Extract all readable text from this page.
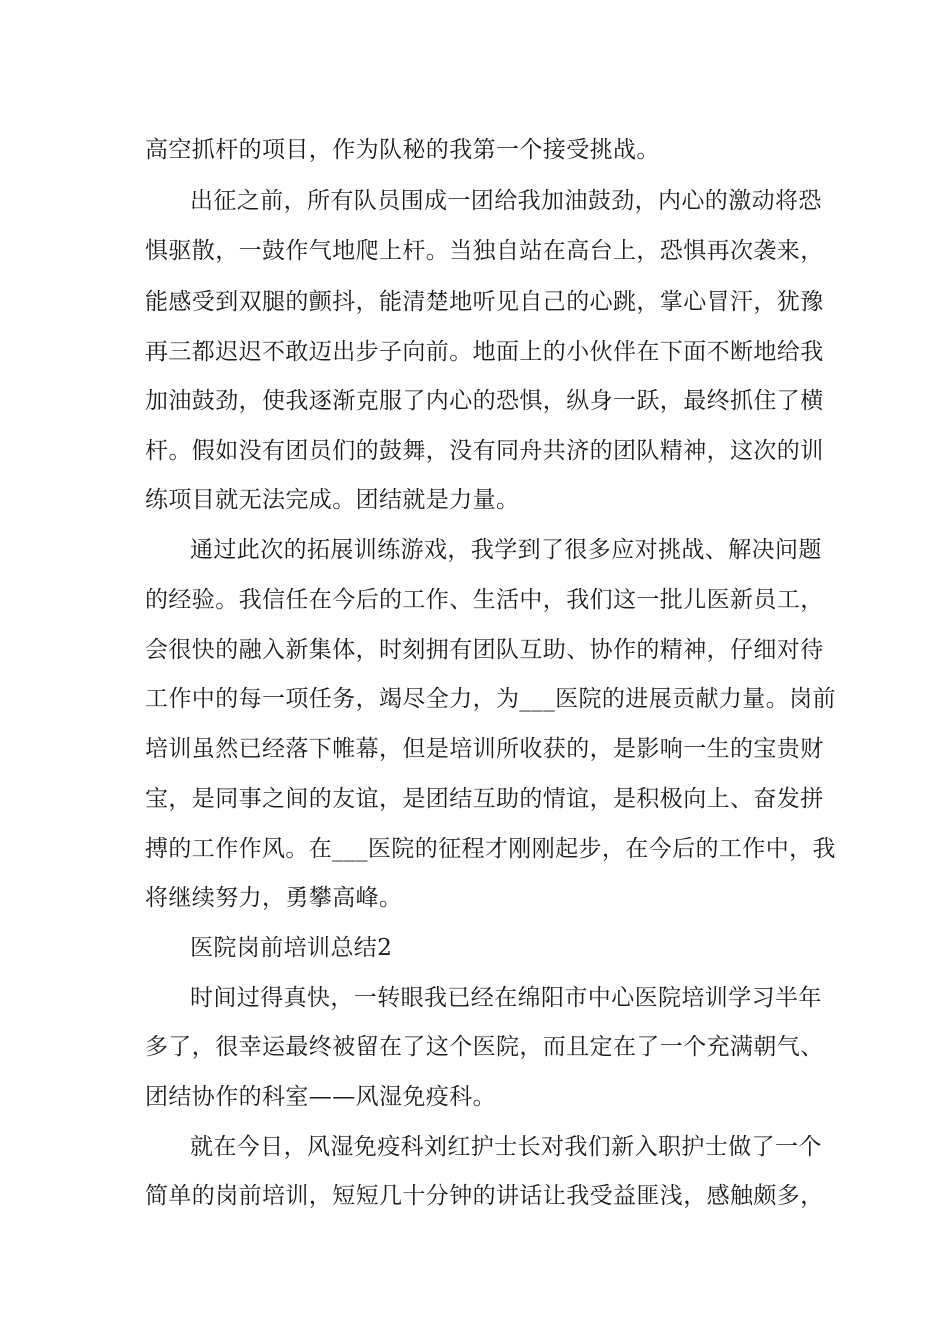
高空抓杆的项目，作为队秘的我第一个接受挑战。
出征之前，所有队员围成一团给我加油鼓劲，内心的激动将恐
惧驱散，一鼓作气地爬上杆。当独自站在高台上，恐惧再次袭来，
能感受到双腿的颤抖，能清楚地听见自己的心跳，掌心冒汗，犹豫
再三都迟迟不敢迈出步子向前。地面上的小伙伴在下面不断地给我
加油鼓劲，使我逐渐克服了内心的恐惧，纵身一跃，最终抓住了横
杆。假如没有团员们的鼓舞，没有同舟共济的团队精神，这次的训
练项目就无法完成。团结就是力量。
通过此次的拓展训练游戏，我学到了很多应对挑战、解决问题
的经验。我信任在今后的工作、生活中，我们这一批儿医新员工，
会很快的融入新集体，时刻拥有团队互助、协作的精神，仔细对待
工作中的每一项任务，竭尽全力，为___医院的进展贡献力量。岗前
培训虽然已经落下帷幕，但是培训所收获的，是影响一生的宝贵财
宝，是同事之间的友谊，是团结互助的情谊，是积极向上、奋发拼
搏的工作作风。在___医院的征程才刚刚起步，在今后的工作中，我
将继续努力，勇攀高峰。
医院岗前培训总结2
时间过得真快，一转眼我已经在绵阳市中心医院培训学习半年
多了，很幸运最终被留在了这个医院，而且定在了一个充满朝气、
团结协作的科室——风湿免疫科。
就在今日，风湿免疫科刘红护士长对我们新入职护士做了一个
简单的岗前培训，短短几十分钟的讲话让我受益匪浅，感触颇多，
